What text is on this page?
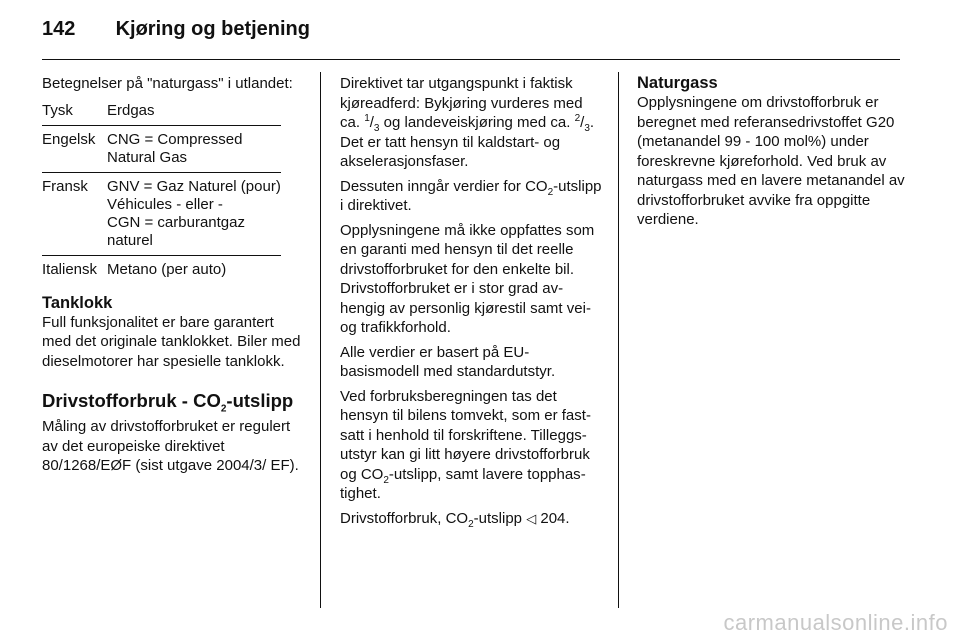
142 Kjøring og betjening

Betegnelser på "naturgass" i utlandet:

Tysk	Erdgas

Engelsk	CNG = Compressed
Natural Gas

Fransk	GNV = Gaz Naturel (pour)
Véhicules - eller -
CGN = carburantgaz
naturel

Italiensk	Metano (per auto)
Tanklokk

Full funksjonalitet er bare garantert med det originale tanklokket. Biler med dieselmotorer har spesielle tanklokk.

Drivstofforbruk - $CO_2$-utslipp

Måling av drivstofforbruket er regulert av det europeiske direktivet 80/1268/EØF (sist utgave 2004/3/ EF).

Direktivet tar utgangspunkt i faktisk kjøreadferd: Bykjøring vurderes med ca. $^1/_3$ og landeveiskjøring med ca. $^2/_3$. Det er tatt hensyn til kaldstart- og akselerasjonsfaser.

Dessuten inngår verdier for $CO_2$-utslipp i direktivet.

Opplysningene må ikke oppfattes som en garanti med hensyn til det reelle drivstofforbruket for den enkelte bil. Drivstofforbruket er i stor grad avhengig av personlig kjørestil samt vei- og trafikkforhold.

Alle verdier er basert på EU-basismodell med standardutstyr.

Ved forbruksberegningen tas det hensyn til bilens tomvekt, som er fastsatt i henhold til forskriftene. Tilleggsutstyr kan gi litt høyere drivstofforbruk og $CO_2$-utslipp, samt lavere topphastighet.

Drivstofforbruk, $CO_2$-utslipp ◁ 204.

Naturgass

Opplysningene om drivstofforbruk er beregnet med referansedrivstoffet G20 (metanandel 99 - 100 mol%) under foreskrevne kjøreforhold. Ved bruk av naturgass med en lavere metanandel av drivstofforbruket avvike fra oppgitte verdiene.

carmanualsonline.info
